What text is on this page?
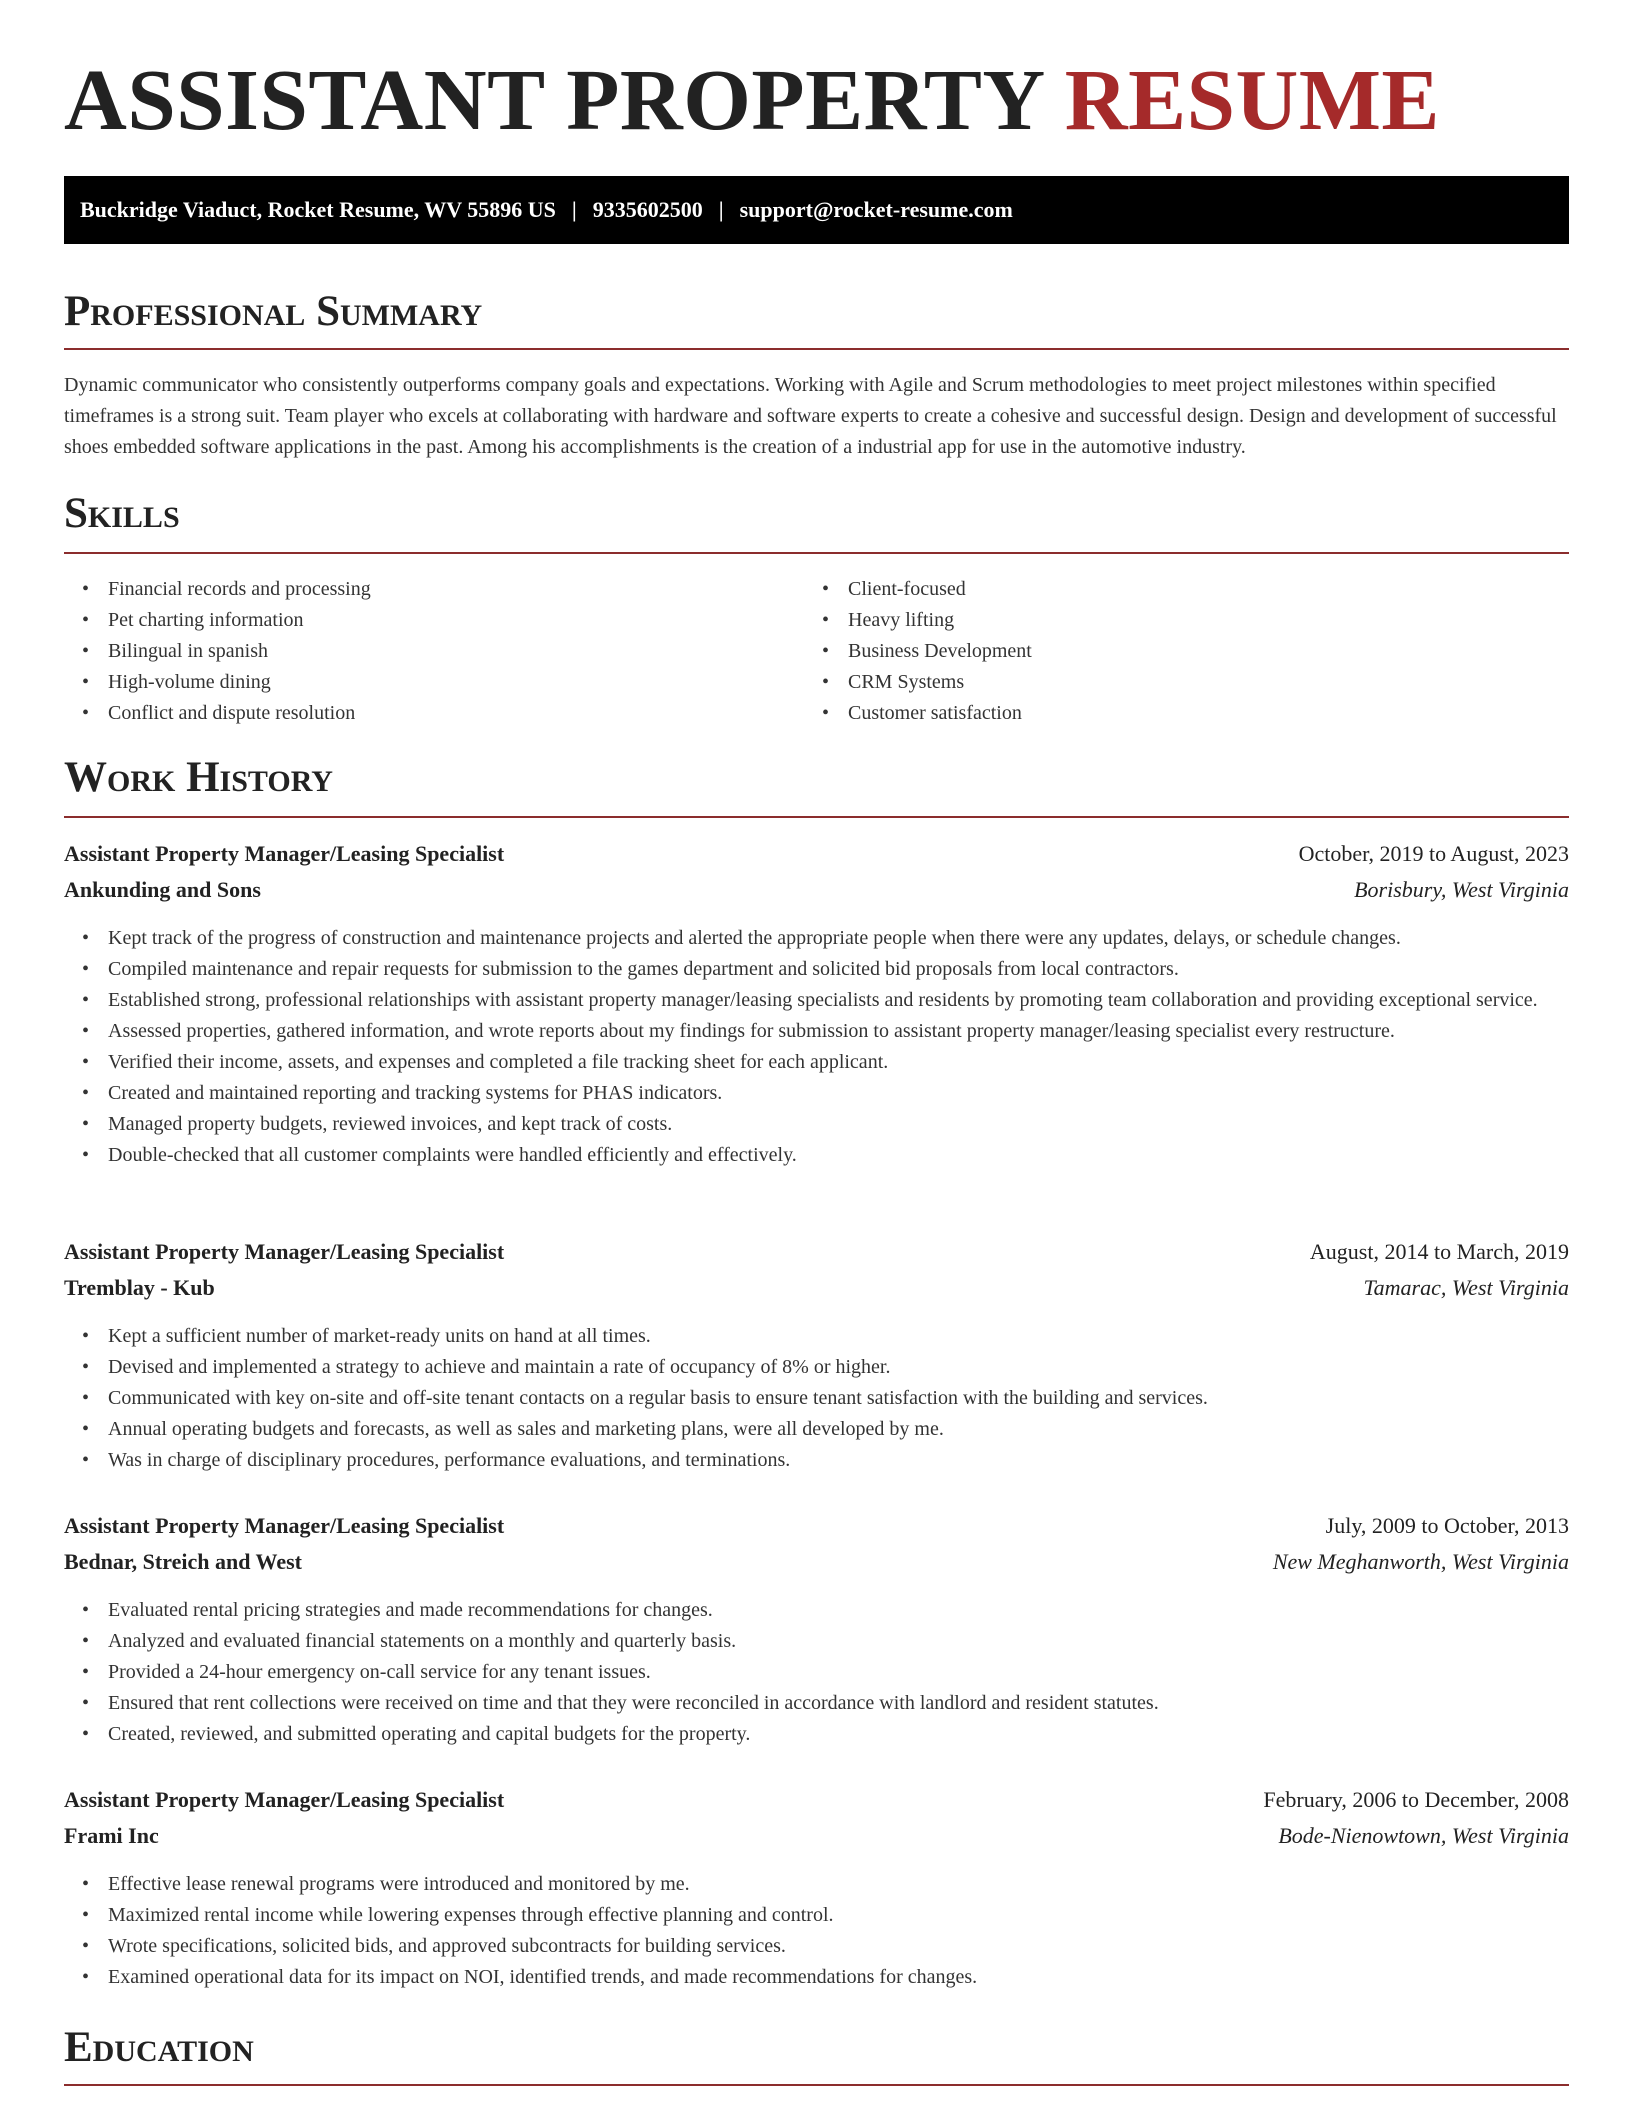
ASSISTANT PROPERTY RESUME
Buckridge Viaduct, Rocket Resume, WV 55896 US | 9335602500 | support@rocket-resume.com
Professional Summary

Dynamic communicator who consistently outperforms company goals and expectations. Working with Agile and Scrum methodologies to meet project milestones within specified timeframes is a strong suit. Team player who excels at collaborating with hardware and software experts to create a cohesive and successful design. Design and development of successful shoes embedded software applications in the past. Among his accomplishments is the creation of a industrial app for use in the automotive industry.

Skills
• Financial records and processing
• Pet charting information
• Bilingual in spanish
• High-volume dining
• Conflict and dispute resolution
• Client-focused
• Heavy lifting
• Business Development
• CRM Systems
• Customer satisfaction
Work History
Assistant Property Manager/Leasing Specialist	October, 2019 to August, 2023
Ankunding and Sons	Borisbury, West Virginia
• Kept track of the progress of construction and maintenance projects and alerted the appropriate people when there were any updates, delays, or schedule changes.
• Compiled maintenance and repair requests for submission to the games department and solicited bid proposals from local contractors.
• Established strong, professional relationships with assistant property manager/leasing specialists and residents by promoting team collaboration and providing exceptional service.
• Assessed properties, gathered information, and wrote reports about my findings for submission to assistant property manager/leasing specialist every restructure.
• Verified their income, assets, and expenses and completed a file tracking sheet for each applicant.
• Created and maintained reporting and tracking systems for PHAS indicators.
• Managed property budgets, reviewed invoices, and kept track of costs.
• Double-checked that all customer complaints were handled efficiently and effectively.
Assistant Property Manager/Leasing Specialist	August, 2014 to March, 2019
Tremblay - Kub	Tamarac, West Virginia
• Kept a sufficient number of market-ready units on hand at all times.
• Devised and implemented a strategy to achieve and maintain a rate of occupancy of 8% or higher.
• Communicated with key on-site and off-site tenant contacts on a regular basis to ensure tenant satisfaction with the building and services.
• Annual operating budgets and forecasts, as well as sales and marketing plans, were all developed by me.
• Was in charge of disciplinary procedures, performance evaluations, and terminations.
Assistant Property Manager/Leasing Specialist	July, 2009 to October, 2013
Bednar, Streich and West	New Meghanworth, West Virginia
• Evaluated rental pricing strategies and made recommendations for changes.
• Analyzed and evaluated financial statements on a monthly and quarterly basis.
• Provided a 24-hour emergency on-call service for any tenant issues.
• Ensured that rent collections were received on time and that they were reconciled in accordance with landlord and resident statutes.
• Created, reviewed, and submitted operating and capital budgets for the property.
Assistant Property Manager/Leasing Specialist	February, 2006 to December, 2008
Frami Inc	Bode-Nienowtown, West Virginia
• Effective lease renewal programs were introduced and monitored by me.
• Maximized rental income while lowering expenses through effective planning and control.
• Wrote specifications, solicited bids, and approved subcontracts for building services.
• Examined operational data for its impact on NOI, identified trends, and made recommendations for changes.
Education
